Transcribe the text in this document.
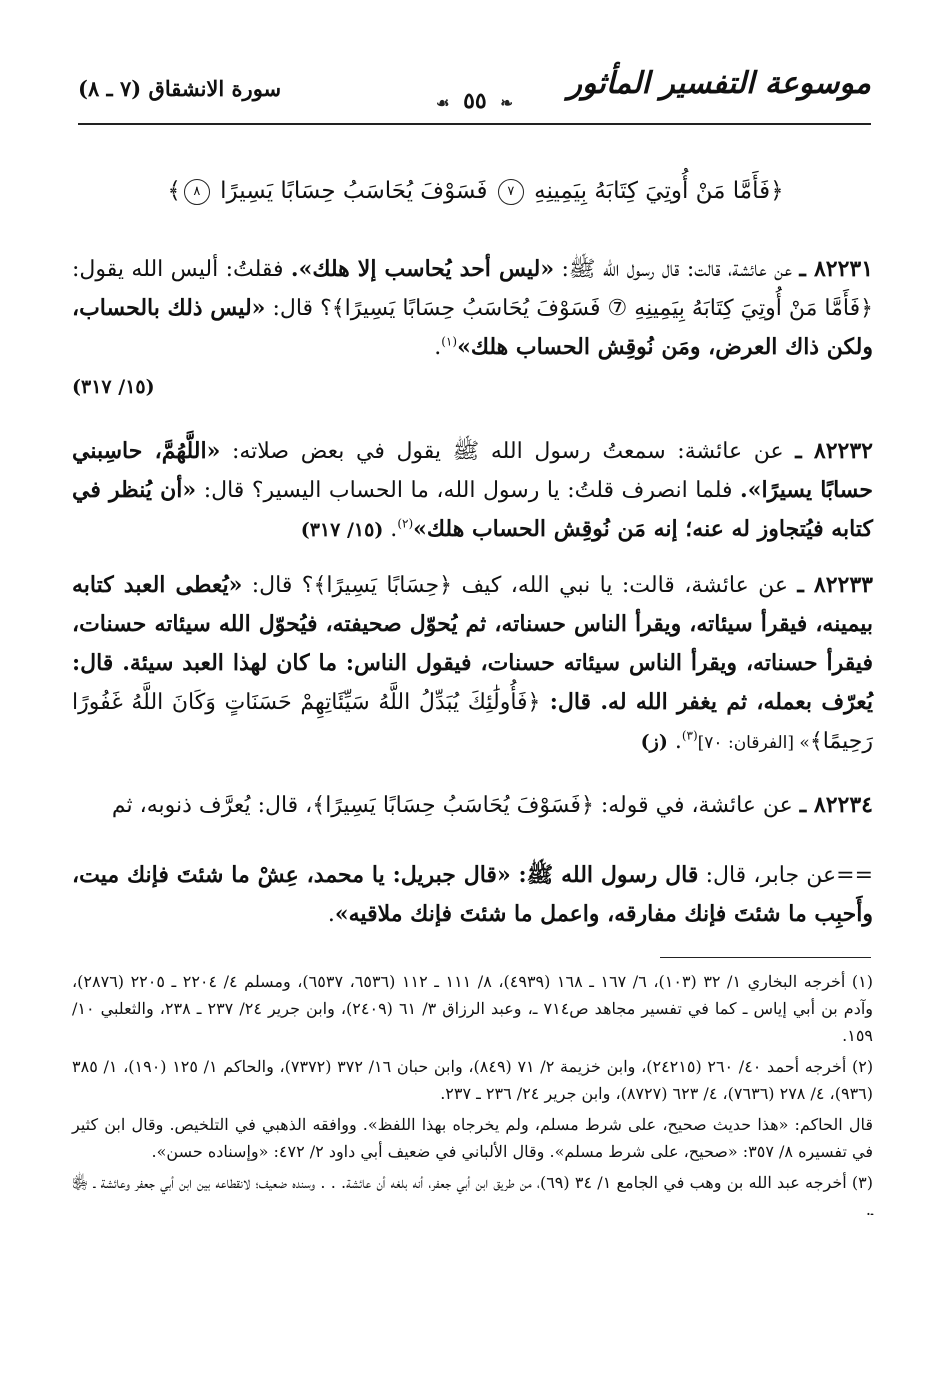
موسوعة التفسير المأثور
❧ ٥٥ ☙
سورة الانشقاق (٧ ـ ٨)
﴿فَأَمَّا مَنْ أُوتِيَ كِتَابَهُ بِيَمِينِهِ ٧ فَسَوْفَ يُحَاسَبُ حِسَابًا يَسِيرًا ٨﴾

٨٢٢٣١ ـ عن عائشة، قالت: قال رسول الله ﷺ: «ليس أحد يُحاسب إلا هلك». فقلتُ: أليس الله يقول: ﴿فَأَمَّا مَنْ أُوتِيَ كِتَابَهُ بِيَمِينِهِ ⑦ فَسَوْفَ يُحَاسَبُ حِسَابًا يَسِيرًا﴾؟ قال: «ليس ذلك بالحساب، ولكن ذاك العرض، ومَن نُوقِش الحساب هلك»$^{(١)}$.

(١٥/ ٣١٧)

٨٢٢٣٢ ـ عن عائشة: سمعتُ رسول الله ﷺ يقول في بعض صلاته: «اللَّهُمَّ، حاسِبني حسابًا يسيرًا». فلما انصرف قلتُ: يا رسول الله، ما الحساب اليسير؟ قال: «أن يُنظر في كتابه فيُتجاوز له عنه؛ إنه مَن نُوقِش الحساب هلك»$^{(٢)}$. (١٥/ ٣١٧)

٨٢٢٣٣ ـ عن عائشة، قالت: يا نبي الله، كيف ﴿حِسَابًا يَسِيرًا﴾؟ قال: «يُعطى العبد كتابه بيمينه، فيقرأ سيئاته، ويقرأ الناس حسناته، ثم يُحوّل صحيفته، فيُحوّل الله سيئاته حسنات، فيقرأ حسناته، ويقرأ الناس سيئاته حسنات، فيقول الناس: ما كان لهذا العبد سيئة. قال: يُعرّف بعمله، ثم يغفر الله له. قال: ﴿فَأُولَٰئِكَ يُبَدِّلُ اللَّهُ سَيِّئَاتِهِمْ حَسَنَاتٍ وَكَانَ اللَّهُ غَفُورًا رَحِيمًا﴾» [الفرقان: ٧٠]$^{(٣)}$. (ز)

٨٢٢٣٤ ـ عن عائشة، في قوله: ﴿فَسَوْفَ يُحَاسَبُ حِسَابًا يَسِيرًا﴾، قال: يُعرَّف ذنوبه، ثم

==عن جابر، قال: قال رسول الله ﷺ: «قال جبريل: يا محمد، عِشْ ما شئتَ فإنك ميت، وأَحبِب ما شئتَ فإنك مفارقه، واعمل ما شئتَ فإنك ملاقيه».

(١) أخرجه البخاري ١/ ٣٢ (١٠٣)، ٦/ ١٦٧ ـ ١٦٨ (٤٩٣٩)، ٨/ ١١١ ـ ١١٢ (٦٥٣٦، ٦٥٣٧)، ومسلم ٤/ ٢٢٠٤ ـ ٢٢٠٥ (٢٨٧٦)، وآدم بن أبي إياس ـ كما في تفسير مجاهد ص٧١٤ ـ، وعبد الرزاق ٣/ ٦١ (٢٤٠٩)، وابن جرير ٢٤/ ٢٣٧ ـ ٢٣٨، والثعلبي ١٠/ ١٥٩.

(٢) أخرجه أحمد ٤٠/ ٢٦٠ (٢٤٢١٥)، وابن خزيمة ٢/ ٧١ (٨٤٩)، وابن حبان ١٦/ ٣٧٢ (٧٣٧٢)، والحاكم ١/ ١٢٥ (١٩٠)، ١/ ٣٨٥ (٩٣٦)، ٤/ ٢٧٨ (٧٦٣٦)، ٤/ ٦٢٣ (٨٧٢٧)، وابن جرير ٢٤/ ٢٣٦ ـ ٢٣٧.

قال الحاكم: «هذا حديث صحيح، على شرط مسلم، ولم يخرجاه بهذا اللفظ». ووافقه الذهبي في التلخيص. وقال ابن كثير في تفسيره ٨/ ٣٥٧: «صحيح، على شرط مسلم». وقال الألباني في ضعيف أبي داود ٢/ ٤٧٢: «وإسناده حسن».

(٣) أخرجه عبد الله بن وهب في الجامع ١/ ٣٤ (٦٩)، من طريق ابن أبي جعفر، أنه بلغه أن عائشة. . . وسنده ضعيف؛ لانقطاعه بين ابن أبي جعفر وعائشة ـ ﵂ ـ.
